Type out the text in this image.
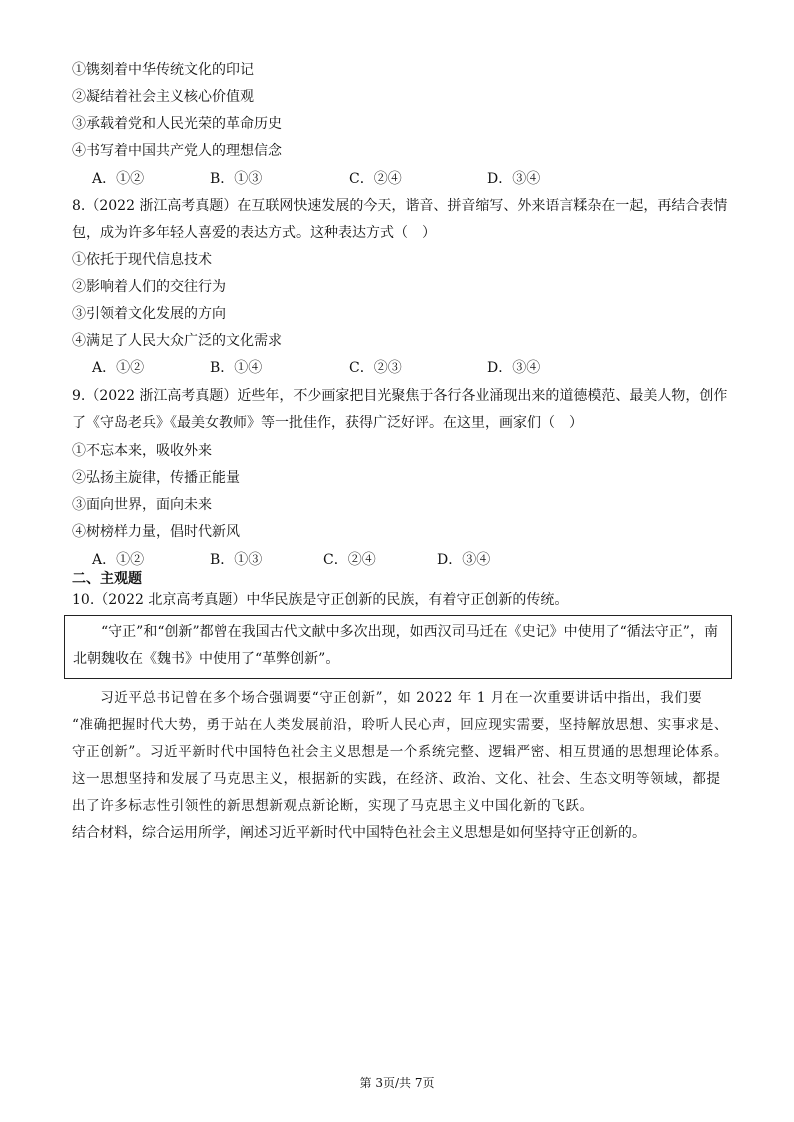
①镌刻着中华传统文化的印记
②凝结着社会主义核心价值观
③承载着党和人民光荣的革命历史
④书写着中国共产党人的理想信念
A．①②	B．①③	C．②④	D．③④
8.（2022 浙江高考真题）在互联网快速发展的今天，谐音、拼音缩写、外来语言糅杂在一起，再结合表情
包，成为许多年轻人喜爱的表达方式。这种表达方式（　）
①依托于现代信息技术
②影响着人们的交往行为
③引领着文化发展的方向
④满足了人民大众广泛的文化需求
A．①②	B．①④	C．②③	D．③④
9.（2022 浙江高考真题）近些年，不少画家把目光聚焦于各行各业涌现出来的道德模范、最美人物，创作
了《守岛老兵》《最美女教师》等一批佳作，获得广泛好评。在这里，画家们（　）
①不忘本来，吸收外来
②弘扬主旋律，传播正能量
③面向世界，面向未来
④树榜样力量，倡时代新风
A．①②	B．①③	C．②④	D．③④
二、主观题
10.（2022 北京高考真题）中华民族是守正创新的民族，有着守正创新的传统。
　　“守正”和“创新”都曾在我国古代文献中多次出现，如西汉司马迁在《史记》中使用了“循法守正”，南
北朝魏收在《魏书》中使用了“革弊创新”。
　　习近平总书记曾在多个场合强调要“守正创新”，如 2022 年 1 月在一次重要讲话中指出，我们要
“准确把握时代大势，勇于站在人类发展前沿，聆听人民心声，回应现实需要，坚持解放思想、实事求是、
守正创新”。习近平新时代中国特色社会主义思想是一个系统完整、逻辑严密、相互贯通的思想理论体系。
这一思想坚持和发展了马克思主义，根据新的实践，在经济、政治、文化、社会、生态文明等领域，都提
出了许多标志性引领性的新思想新观点新论断，实现了马克思主义中国化新的飞跃。
结合材料，综合运用所学，阐述习近平新时代中国特色社会主义思想是如何坚持守正创新的。
第 3页/共 7页
